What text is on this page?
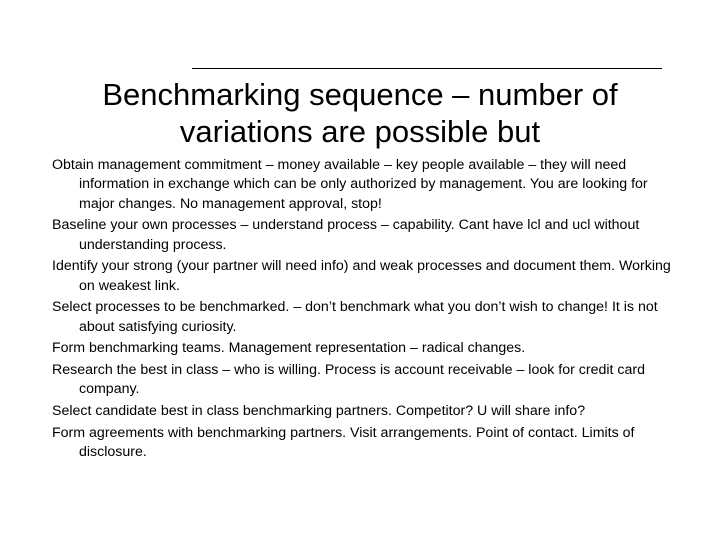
Benchmarking sequence – number of variations are possible but
Obtain management commitment – money available – key people available – they will need information in exchange which can be only authorized by management. You are looking for major changes. No management approval, stop!
Baseline your own processes – understand process – capability. Cant have lcl and ucl without understanding process.
Identify your strong (your partner will need info) and weak processes and document them. Working on weakest link.
Select processes to be benchmarked. – don’t benchmark what you don’t wish to change! It is not about satisfying curiosity.
Form benchmarking teams. Management representation – radical changes.
Research the best in class – who is willing. Process is account receivable – look for credit card company.
Select candidate best in class benchmarking partners. Competitor? U will share info?
Form agreements with benchmarking partners. Visit arrangements. Point of contact. Limits of disclosure.
